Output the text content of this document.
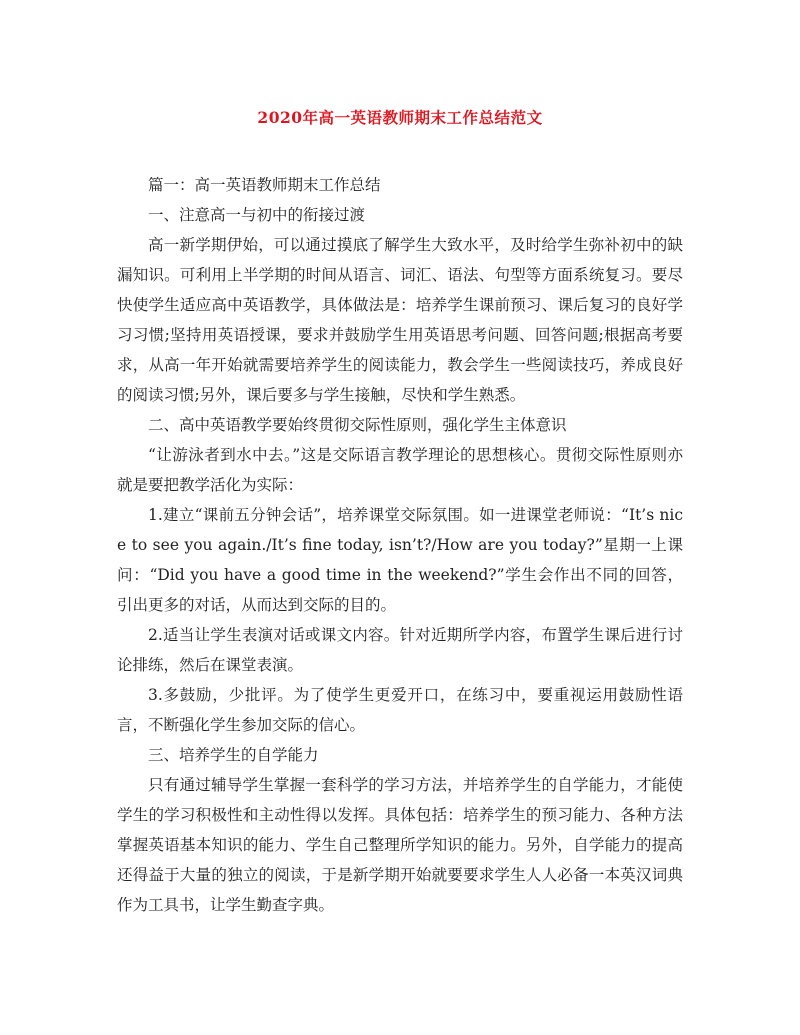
2020年高一英语教师期末工作总结范文

篇一：高一英语教师期末工作总结

一、注意高一与初中的衔接过渡

高一新学期伊始，可以通过摸底了解学生大致水平，及时给学生弥补初中的缺漏知识。可利用上半学期的时间从语言、词汇、语法、句型等方面系统复习。要尽快使学生适应高中英语教学，具体做法是：培养学生课前预习、课后复习的良好学习习惯;坚持用英语授课，要求并鼓励学生用英语思考问题、回答问题;根据高考要求，从高一年开始就需要培养学生的阅读能力，教会学生一些阅读技巧，养成良好的阅读习惯;另外，课后要多与学生接触，尽快和学生熟悉。

二、高中英语教学要始终贯彻交际性原则，强化学生主体意识

“让游泳者到水中去。”这是交际语言教学理论的思想核心。贯彻交际性原则亦就是要把教学活化为实际：

1.建立“课前五分钟会话”，培养课堂交际氛围。如一进课堂老师说：“It’s nice to see you again./It’s fine today, isn’t?/How are you today?”星期一上课问：“Did you have a good time in the weekend?”学生会作出不同的回答，引出更多的对话，从而达到交际的目的。

2.适当让学生表演对话或课文内容。针对近期所学内容，布置学生课后进行讨论排练，然后在课堂表演。

3.多鼓励，少批评。为了使学生更爱开口，在练习中，要重视运用鼓励性语言，不断强化学生参加交际的信心。

三、培养学生的自学能力

只有通过辅导学生掌握一套科学的学习方法，并培养学生的自学能力，才能使学生的学习积极性和主动性得以发挥。具体包括：培养学生的预习能力、各种方法掌握英语基本知识的能力、学生自己整理所学知识的能力。另外，自学能力的提高还得益于大量的独立的阅读，于是新学期开始就要要求学生人人必备一本英汉词典作为工具书，让学生勤查字典。
